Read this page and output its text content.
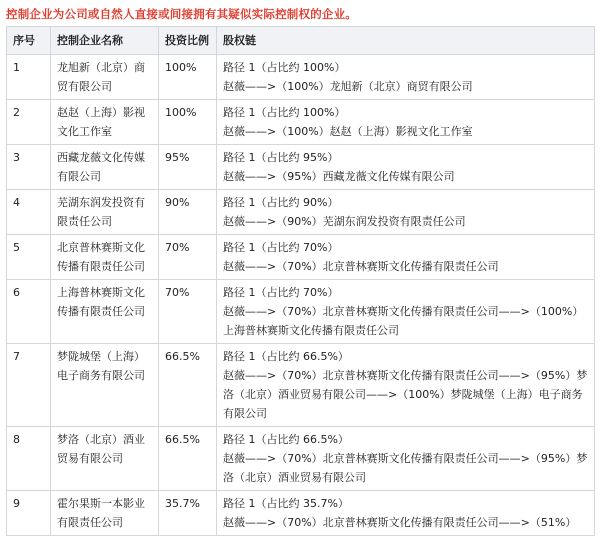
控制企业为公司或自然人直接或间接拥有其疑似实际控制权的企业。
序号	控制企业名称	投资比例	股权链
1	龙旭新（北京）商贸有限公司	100%	路径 1（占比约 100%）
赵薇——>（100%）龙旭新（北京）商贸有限公司

2	赵赵（上海）影视文化工作室	100%	路径 1（占比约 100%）
赵薇——>（100%）赵赵（上海）影视文化工作室

3	西藏龙薇文化传媒有限公司	95%	路径 1（占比约 95%）
赵薇——>（95%）西藏龙薇文化传媒有限公司

4	芜湖东润发投资有限责任公司	90%	路径 1（占比约 90%）
赵薇——>（90%）芜湖东润发投资有限责任公司

5	北京普林赛斯文化传播有限责任公司	70%	路径 1（占比约 70%）
赵薇——>（70%）北京普林赛斯文化传播有限责任公司

6	上海普林赛斯文化传播有限责任公司	70%	路径 1（占比约 70%）
赵薇——>（70%）北京普林赛斯文化传播有限责任公司——>（100%）上海普林赛斯文化传播有限责任公司

7	梦陇城堡（上海）电子商务有限公司	66.5%	路径 1（占比约 66.5%）
赵薇——>（70%）北京普林赛斯文化传播有限责任公司——>（95%）梦洛（北京）酒业贸易有限公司——>（100%）梦陇城堡（上海）电子商务有限公司

8	梦洛（北京）酒业贸易有限公司	66.5%	路径 1（占比约 66.5%）
赵薇——>（70%）北京普林赛斯文化传播有限责任公司——>（95%）梦洛（北京）酒业贸易有限公司

9	霍尔果斯一本影业有限责任公司	35.7%	路径 1（占比约 35.7%）
赵薇——>（70%）北京普林赛斯文化传播有限责任公司——>（51%）
